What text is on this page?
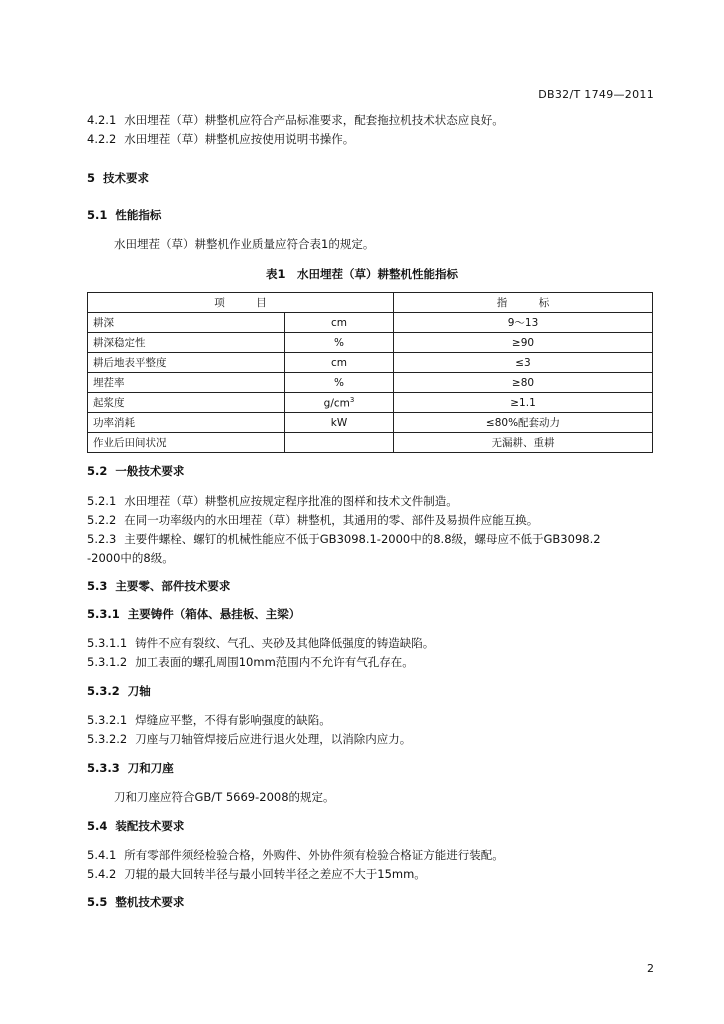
DB32/T 1749—2011
4.2.1 水田埋茬（草）耕整机应符合产品标准要求，配套拖拉机技术状态应良好。
4.2.2 水田埋茬（草）耕整机应按使用说明书操作。
5 技术要求
5.1 性能指标
水田埋茬（草）耕整机作业质量应符合表1的规定。
表1　水田埋茬（草）耕整机性能指标
项　　　目		指　　　标
耕深	cm	9～13
耕深稳定性	%	≥90
耕后地表平整度	cm	≤3
埋茬率	%	≥80
起浆度	$g/cm^3$	≥1.1
功率消耗	kW	≤80%配套动力
作业后田间状况		无漏耕、重耕
5.2 一般技术要求
5.2.1 水田埋茬（草）耕整机应按规定程序批准的图样和技术文件制造。
5.2.2 在同一功率级内的水田埋茬（草）耕整机，其通用的零、部件及易损件应能互换。
5.2.3 主要件螺栓、螺钉的机械性能应不低于GB3098.1-2000中的8.8级，螺母应不低于GB3098.2
-2000中的8级。
5.3 主要零、部件技术要求
5.3.1 主要铸件（箱体、悬挂板、主梁）
5.3.1.1 铸件不应有裂纹、气孔、夹砂及其他降低强度的铸造缺陷。
5.3.1.2 加工表面的螺孔周围10mm范围内不允许有气孔存在。
5.3.2 刀轴
5.3.2.1 焊缝应平整，不得有影响强度的缺陷。
5.3.2.2 刀座与刀轴管焊接后应进行退火处理，以消除内应力。
5.3.3 刀和刀座
刀和刀座应符合GB/T 5669-2008的规定。
5.4 装配技术要求
5.4.1 所有零部件须经检验合格，外购件、外协件须有检验合格证方能进行装配。
5.4.2 刀辊的最大回转半径与最小回转半径之差应不大于15mm。
5.5 整机技术要求
2
